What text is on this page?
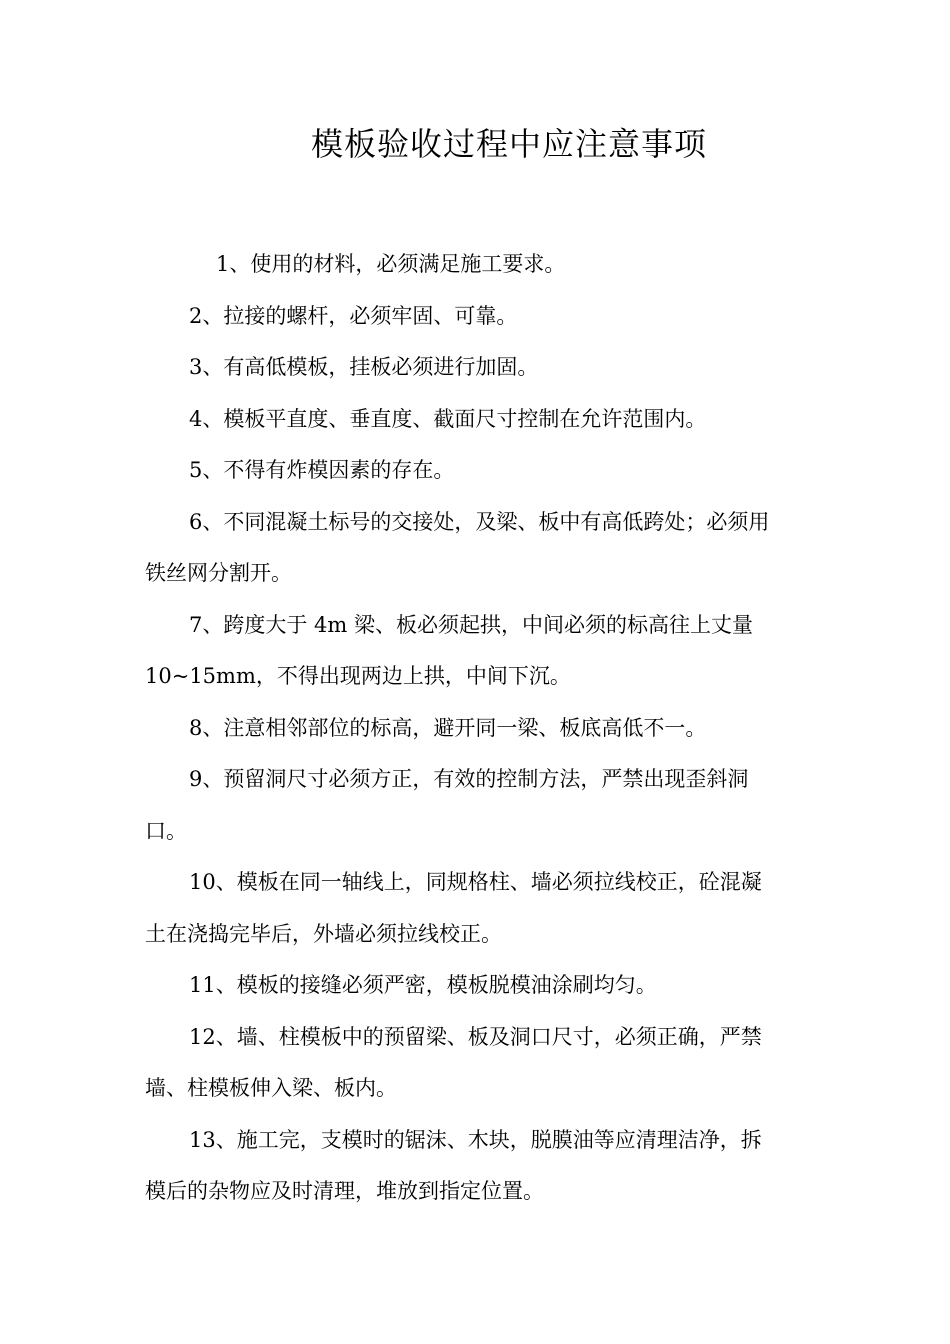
模板验收过程中应注意事项

1、使用的材料，必须满足施工要求。

2、拉接的螺杆，必须牢固、可靠。

3、有高低模板，挂板必须进行加固。

4、模板平直度、垂直度、截面尺寸控制在允许范围内。

5、不得有炸模因素的存在。

6、不同混凝土标号的交接处，及梁、板中有高低跨处；必须用
铁丝网分割开。

7、跨度大于 4m 梁、板必须起拱，中间必须的标高往上丈量
10~15mm，不得出现两边上拱，中间下沉。

8、注意相邻部位的标高，避开同一梁、板底高低不一。

9、预留洞尺寸必须方正，有效的控制方法，严禁出现歪斜洞
口。

10、模板在同一轴线上，同规格柱、墙必须拉线校正，砼混凝
土在浇捣完毕后，外墙必须拉线校正。

11、模板的接缝必须严密，模板脱模油涂刷均匀。

12、墙、柱模板中的预留梁、板及洞口尺寸，必须正确，严禁
墙、柱模板伸入梁、板内。

13、施工完，支模时的锯沫、木块，脱膜油等应清理洁净，拆
模后的杂物应及时清理，堆放到指定位置。
